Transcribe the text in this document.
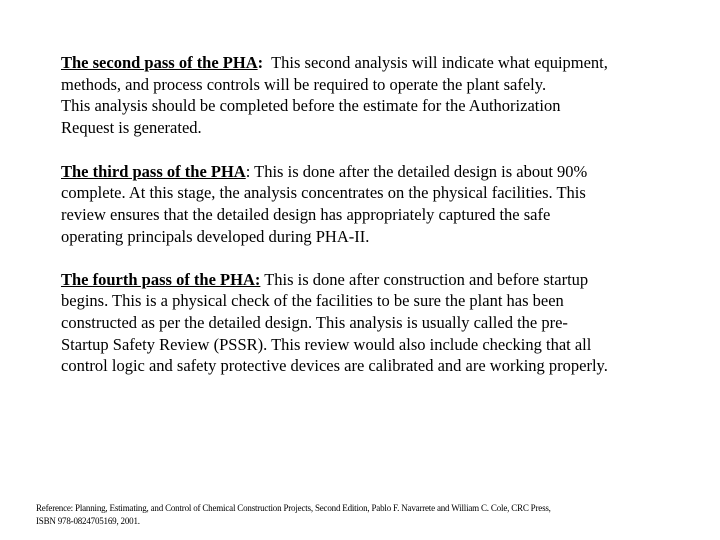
The second pass of the PHA:  This second analysis will indicate what equipment,
methods, and process controls will be required to operate the plant safely.
This analysis should be completed before the estimate for the Authorization
Request is generated.
The third pass of the PHA: This is done after the detailed design is about 90%
complete. At this stage, the analysis concentrates on the physical facilities. This
review ensures that the detailed design has appropriately captured the safe
operating principals developed during PHA-II.
The fourth pass of the PHA: This is done after construction and before startup
begins. This is a physical check of the facilities to be sure the plant has been
constructed as per the detailed design. This analysis is usually called the pre-
Startup Safety Review (PSSR). This review would also include checking that all
control logic and safety protective devices are calibrated and are working properly.
Reference: Planning, Estimating, and Control of Chemical Construction Projects, Second Edition, Pablo F. Navarrete and William C. Cole, CRC Press,
ISBN 978-0824705169, 2001.
